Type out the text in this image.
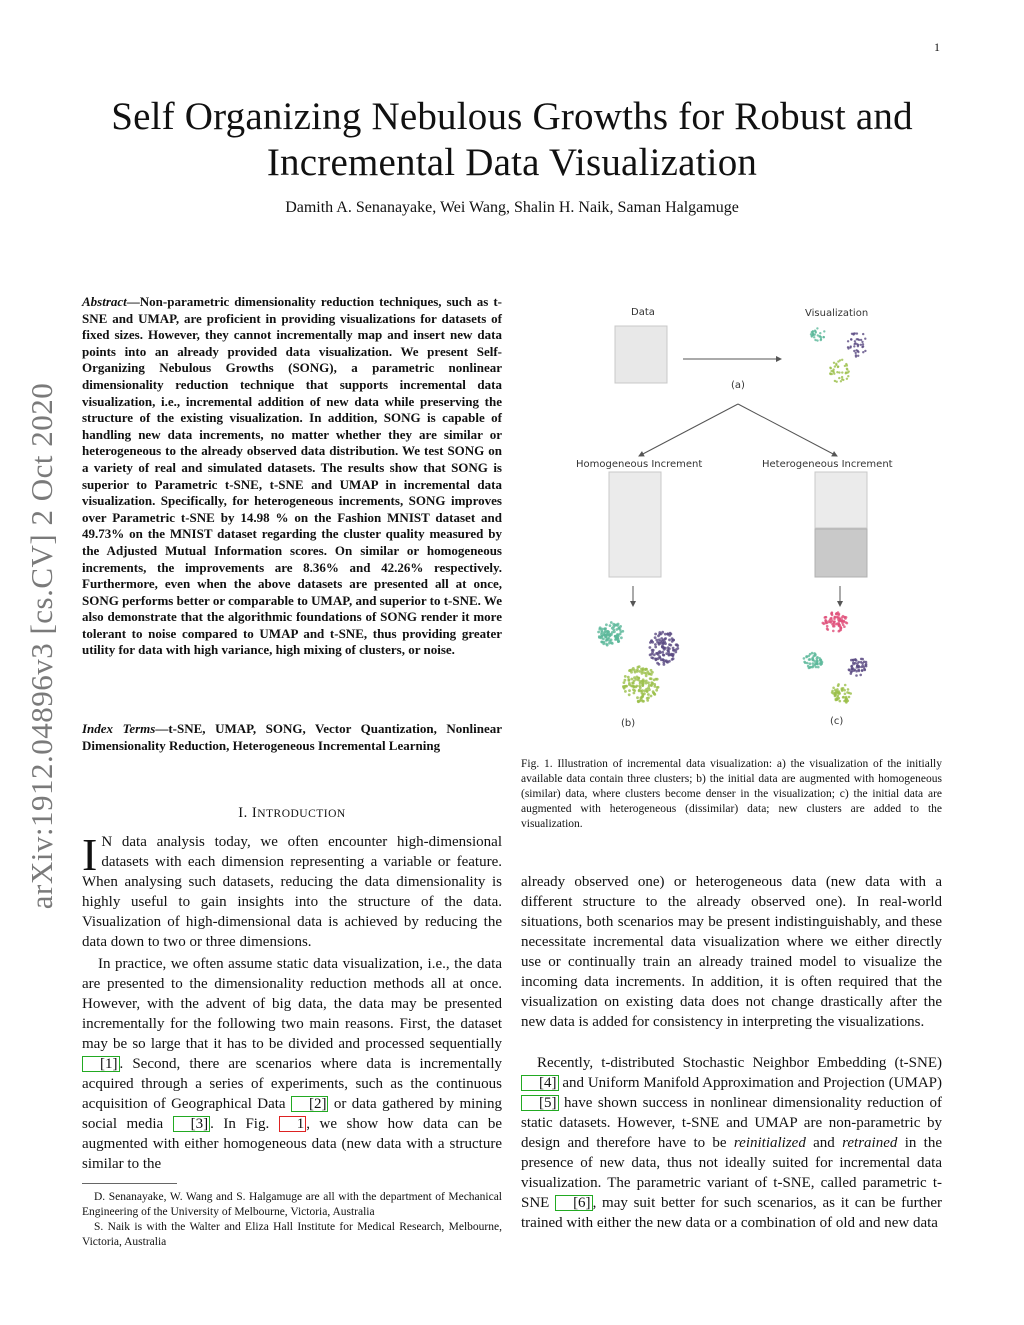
1
Self Organizing Nebulous Growths for Robust and
Incremental Data Visualization
Damith A. Senanayake, Wei Wang, Shalin H. Naik, Saman Halgamuge
arXiv:1912.04896v3 [cs.CV] 2 Oct 2020
Abstract—Non-parametric dimensionality reduction techniques, such as t-SNE and UMAP, are proficient in providing visualizations for datasets of fixed sizes. However, they cannot incrementally map and insert new data points into an already provided data visualization. We present Self-Organizing Nebulous Growths (SONG), a parametric nonlinear dimensionality reduction technique that supports incremental data visualization, i.e., incremental addition of new data while preserving the structure of the existing visualization. In addition, SONG is capable of handling new data increments, no matter whether they are similar or heterogeneous to the already observed data distribution. We test SONG on a variety of real and simulated datasets. The results show that SONG is superior to Parametric t-SNE, t-SNE and UMAP in incremental data visualization. Specifically, for heterogeneous increments, SONG improves over Parametric t-SNE by 14.98 % on the Fashion MNIST dataset and 49.73% on the MNIST dataset regarding the cluster quality measured by the Adjusted Mutual Information scores. On similar or homogeneous increments, the improvements are 8.36% and 42.26% respectively. Furthermore, even when the above datasets are presented all at once, SONG performs better or comparable to UMAP, and superior to t-SNE. We also demonstrate that the algorithmic foundations of SONG render it more tolerant to noise compared to UMAP and t-SNE, thus providing greater utility for data with high variance, high mixing of clusters, or noise.
Index Terms—t-SNE, UMAP, SONG, Vector Quantization, Nonlinear Dimensionality Reduction, Heterogeneous Incremental Learning
I. INTRODUCTION
I N data analysis today, we often encounter high-dimensional datasets with each dimension representing a variable or feature. When analysing such datasets, reducing the data dimensionality is highly useful to gain insights into the structure of the data. Visualization of high-dimensional data is achieved by reducing the data down to two or three dimensions.
In practice, we often assume static data visualization, i.e., the data are presented to the dimensionality reduction methods all at once. However, with the advent of big data, the data may be presented incrementally for the following two main reasons. First, the dataset may be so large that it has to be divided and processed sequentially [1] . Second, there are scenarios where data is incrementally acquired through a series of experiments, such as the continuous acquisition of Geographical Data [2] or data gathered by mining social media [3] . In Fig. 1 , we show how data can be augmented with either homogeneous data (new data with a structure similar to the

D. Senanayake, W. Wang and S. Halgamuge are all with the department of Mechanical Engineering of the University of Melbourne, Victoria, Australia

S. Naik is with the Walter and Eliza Hall Institute for Medical Research, Melbourne, Victoria, Australia

Data	Visualization
(a)
Homogeneous Increment	Heterogeneous Increment
(b)	(c)
Fig. 1. Illustration of incremental data visualization: a) the visualization of the initially available data contain three clusters; b) the initial data are augmented with homogeneous (similar) data, where clusters become denser in the visualization; c) the initial data are augmented with heterogeneous (dissimilar) data; new clusters are added to the visualization.
already observed one) or heterogeneous data (new data with a different structure to the already observed one). In real-world situations, both scenarios may be present indistinguishably, and these necessitate incremental data visualization where we either directly use or continually train an already trained model to visualize the incoming data increments. In addition, it is often required that the visualization on existing data does not change drastically after the new data is added for consistency in interpreting the visualizations.
Recently, t-distributed Stochastic Neighbor Embedding (t-SNE) [4] and Uniform Manifold Approximation and Projection (UMAP) [5] have shown success in nonlinear dimensionality reduction of static datasets. However, t-SNE and UMAP are non-parametric by design and therefore have to be reinitialized and retrained in the presence of new data, thus not ideally suited for incremental data visualization. The parametric variant of t-SNE, called parametric t-SNE [6] , may suit better for such scenarios, as it can be further trained with either the new data or a combination of old and new data
